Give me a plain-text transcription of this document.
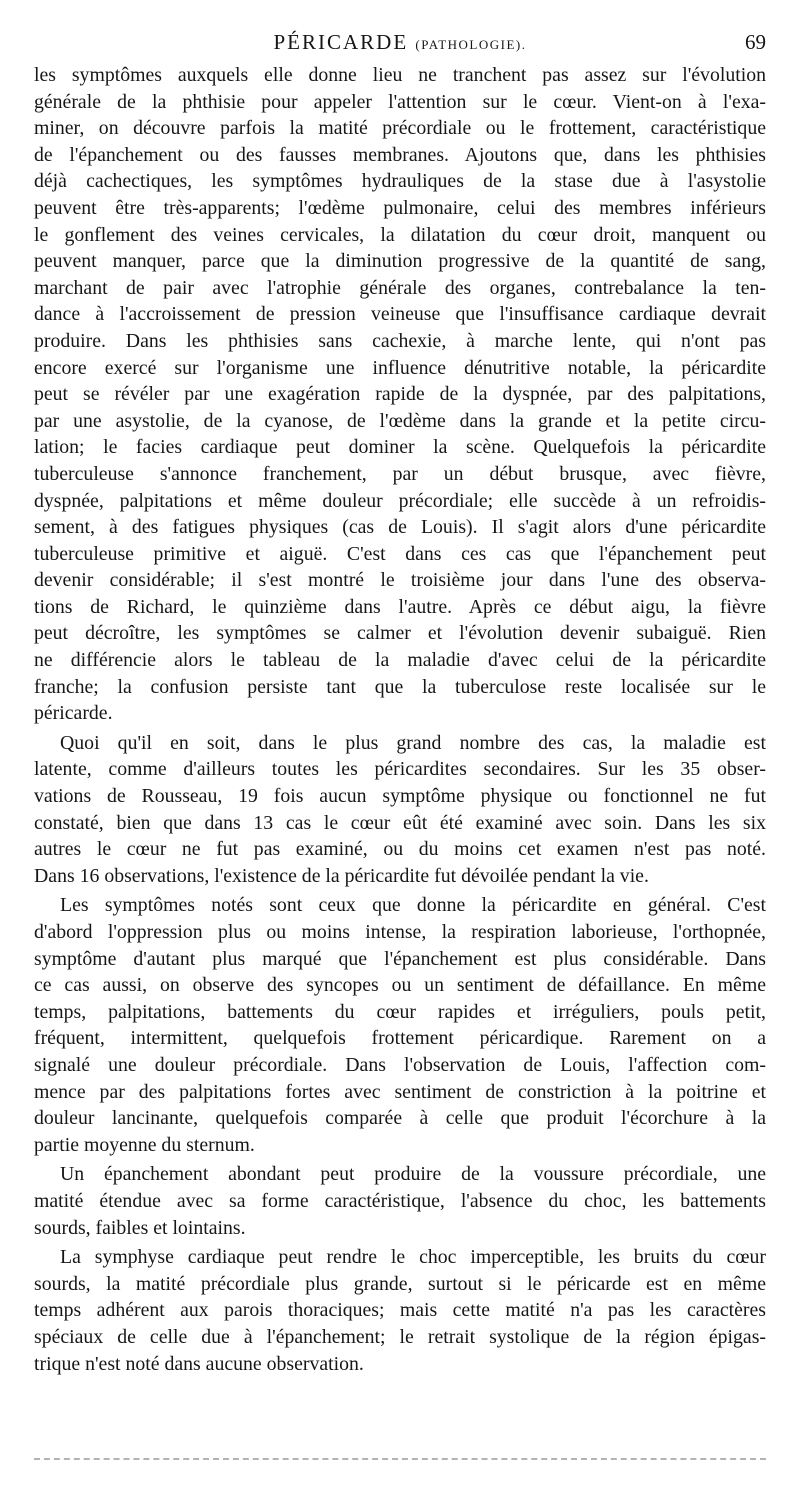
PÉRICARDE (PATHOLOGIE).	69
les symptômes auxquels elle donne lieu ne tranchent pas assez sur l'évolution
générale de la phthisie pour appeler l'attention sur le cœur. Vient-on à l'exa-
miner, on découvre parfois la matité précordiale ou le frottement, caractéristique
de l'épanchement ou des fausses membranes. Ajoutons que, dans les phthisies
déjà cachectiques, les symptômes hydrauliques de la stase due à l'asystolie
peuvent être très-apparents; l'œdème pulmonaire, celui des membres inférieurs
le gonflement des veines cervicales, la dilatation du cœur droit, manquent ou
peuvent manquer, parce que la diminution progressive de la quantité de sang,
marchant de pair avec l'atrophie générale des organes, contrebalance la ten-
dance à l'accroissement de pression veineuse que l'insuffisance cardiaque devrait
produire. Dans les phthisies sans cachexie, à marche lente, qui n'ont pas
encore exercé sur l'organisme une influence dénutritive notable, la péricardite
peut se révéler par une exagération rapide de la dyspnée, par des palpitations,
par une asystolie, de la cyanose, de l'œdème dans la grande et la petite circu-
lation; le facies cardiaque peut dominer la scène. Quelquefois la péricardite
tuberculeuse s'annonce franchement, par un début brusque, avec fièvre,
dyspnée, palpitations et même douleur précordiale; elle succède à un refroidis-
sement, à des fatigues physiques (cas de Louis). Il s'agit alors d'une péricardite
tuberculeuse primitive et aiguë. C'est dans ces cas que l'épanchement peut
devenir considérable; il s'est montré le troisième jour dans l'une des observa-
tions de Richard, le quinzième dans l'autre. Après ce début aigu, la fièvre
peut décroître, les symptômes se calmer et l'évolution devenir subaiguë. Rien
ne différencie alors le tableau de la maladie d'avec celui de la péricardite
franche; la confusion persiste tant que la tuberculose reste localisée sur le
péricarde.
Quoi qu'il en soit, dans le plus grand nombre des cas, la maladie est
latente, comme d'ailleurs toutes les péricardites secondaires. Sur les 35 obser-
vations de Rousseau, 19 fois aucun symptôme physique ou fonctionnel ne fut
constaté, bien que dans 13 cas le cœur eût été examiné avec soin. Dans les six
autres le cœur ne fut pas examiné, ou du moins cet examen n'est pas noté.
Dans 16 observations, l'existence de la péricardite fut dévoilée pendant la vie.
Les symptômes notés sont ceux que donne la péricardite en général. C'est
d'abord l'oppression plus ou moins intense, la respiration laborieuse, l'orthopnée,
symptôme d'autant plus marqué que l'épanchement est plus considérable. Dans
ce cas aussi, on observe des syncopes ou un sentiment de défaillance. En même
temps, palpitations, battements du cœur rapides et irréguliers, pouls petit,
fréquent, intermittent, quelquefois frottement péricardique. Rarement on a
signalé une douleur précordiale. Dans l'observation de Louis, l'affection com-
mence par des palpitations fortes avec sentiment de constriction à la poitrine et
douleur lancinante, quelquefois comparée à celle que produit l'écorchure à la
partie moyenne du sternum.
Un épanchement abondant peut produire de la voussure précordiale, une
matité étendue avec sa forme caractéristique, l'absence du choc, les battements
sourds, faibles et lointains.
La symphyse cardiaque peut rendre le choc imperceptible, les bruits du cœur
sourds, la matité précordiale plus grande, surtout si le péricarde est en même
temps adhérent aux parois thoraciques; mais cette matité n'a pas les caractères
spéciaux de celle due à l'épanchement; le retrait systolique de la région épigas-
trique n'est noté dans aucune observation.
